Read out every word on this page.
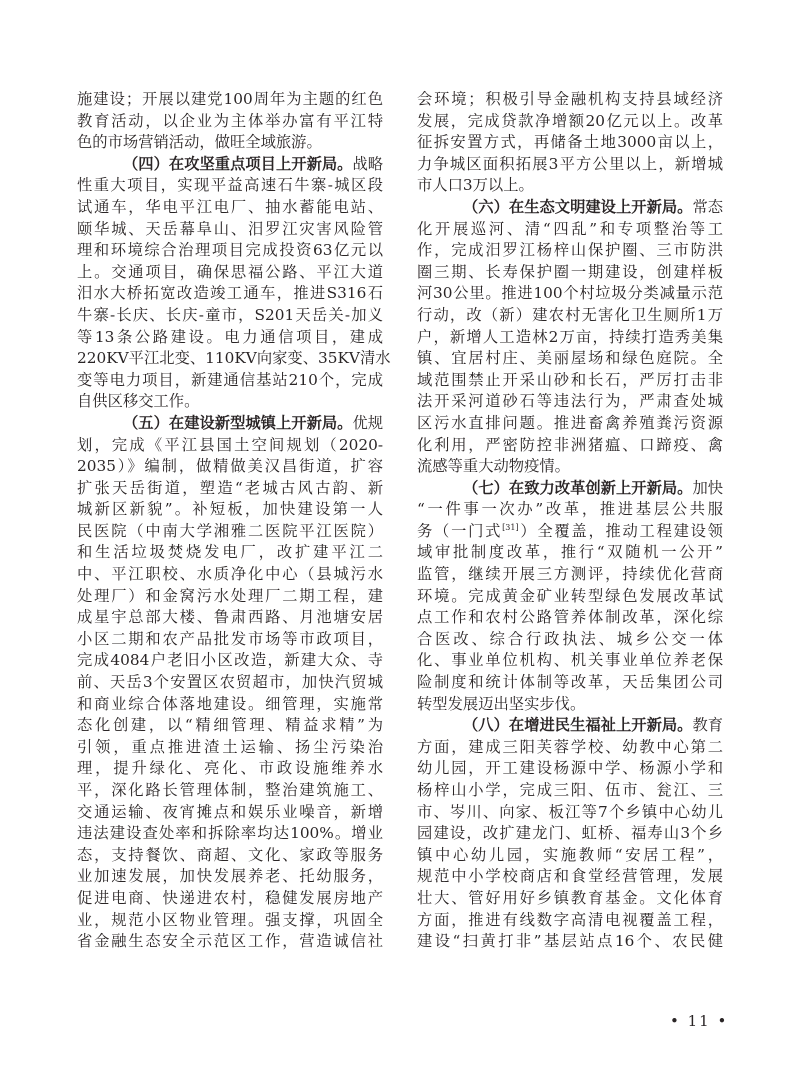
施建设；开展以建党100周年为主题的红色
教育活动，以企业为主体举办富有平江特
色的市场营销活动，做旺全域旅游。
（四）在攻坚重点项目上开新局。战略
性重大项目，实现平益高速石牛寨-城区段
试通车，华电平江电厂、抽水蓄能电站、
颐华城、天岳幕阜山、汨罗江灾害风险管
理和环境综合治理项目完成投资63亿元以
上。交通项目，确保思福公路、平江大道
汨水大桥拓宽改造竣工通车，推进S316石
牛寨-长庆、长庆-童市，S201天岳关-加义
等13条公路建设。电力通信项目，建成
220KV平江北变、110KV向家变、35KV清水
变等电力项目，新建通信基站210个，完成
自供区移交工作。
（五）在建设新型城镇上开新局。优规
划，完成《平江县国土空间规划（2020-
2035）》编制，做精做美汉昌街道，扩容
扩张天岳街道，塑造“老城古风古韵、新
城新区新貌”。补短板，加快建设第一人
民医院（中南大学湘雅二医院平江医院）
和生活垃圾焚烧发电厂，改扩建平江二
中、平江职校、水质净化中心（县城污水
处理厂）和金窝污水处理厂二期工程，建
成星宇总部大楼、鲁肃西路、月池塘安居
小区二期和农产品批发市场等市政项目，
完成4084户老旧小区改造，新建大众、寺
前、天岳3个安置区农贸超市，加快汽贸城
和商业综合体落地建设。细管理，实施常
态化创建，以“精细管理、精益求精”为
引领，重点推进渣土运输、扬尘污染治
理，提升绿化、亮化、市政设施维养水
平，深化路长管理体制，整治建筑施工、
交通运输、夜宵摊点和娱乐业噪音，新增
违法建设查处率和拆除率均达100%。增业
态，支持餐饮、商超、文化、家政等服务
业加速发展，加快发展养老、托幼服务，
促进电商、快递进农村，稳健发展房地产
业，规范小区物业管理。强支撑，巩固全
省金融生态安全示范区工作，营造诚信社
会环境；积极引导金融机构支持县域经济
发展，完成贷款净增额20亿元以上。改革
征拆安置方式，再储备土地3000亩以上，
力争城区面积拓展3平方公里以上，新增城
市人口3万以上。
（六）在生态文明建设上开新局。常态
化开展巡河、清“四乱”和专项整治等工
作，完成汨罗江杨梓山保护圈、三市防洪
圈三期、长寿保护圈一期建设，创建样板
河30公里。推进100个村垃圾分类减量示范
行动，改（新）建农村无害化卫生厕所1万
户，新增人工造林2万亩，持续打造秀美集
镇、宜居村庄、美丽屋场和绿色庭院。全
域范围禁止开采山砂和长石，严厉打击非
法开采河道砂石等违法行为，严肃查处城
区污水直排问题。推进畜禽养殖粪污资源
化利用，严密防控非洲猪瘟、口蹄疫、禽
流感等重大动物疫情。
（七）在致力改革创新上开新局。加快
“一件事一次办”改革，推进基层公共服
务（一门式[31]）全覆盖，推动工程建设领
域审批制度改革，推行“双随机一公开”
监管，继续开展三方测评，持续优化营商
环境。完成黄金矿业转型绿色发展改革试
点工作和农村公路管养体制改革，深化综
合医改、综合行政执法、城乡公交一体
化、事业单位机构、机关事业单位养老保
险制度和统计体制等改革，天岳集团公司
转型发展迈出坚实步伐。
（八）在增进民生福祉上开新局。教育
方面，建成三阳芙蓉学校、幼教中心第二
幼儿园，开工建设杨源中学、杨源小学和
杨梓山小学，完成三阳、伍市、瓮江、三
市、岑川、向家、板江等7个乡镇中心幼儿
园建设，改扩建龙门、虹桥、福寿山3个乡
镇中心幼儿园，实施教师“安居工程”，
规范中小学校商店和食堂经营管理，发展
壮大、管好用好乡镇教育基金。文化体育
方面，推进有线数字高清电视覆盖工程，
建设“扫黄打非”基层站点16个、农民健
• 11 •
